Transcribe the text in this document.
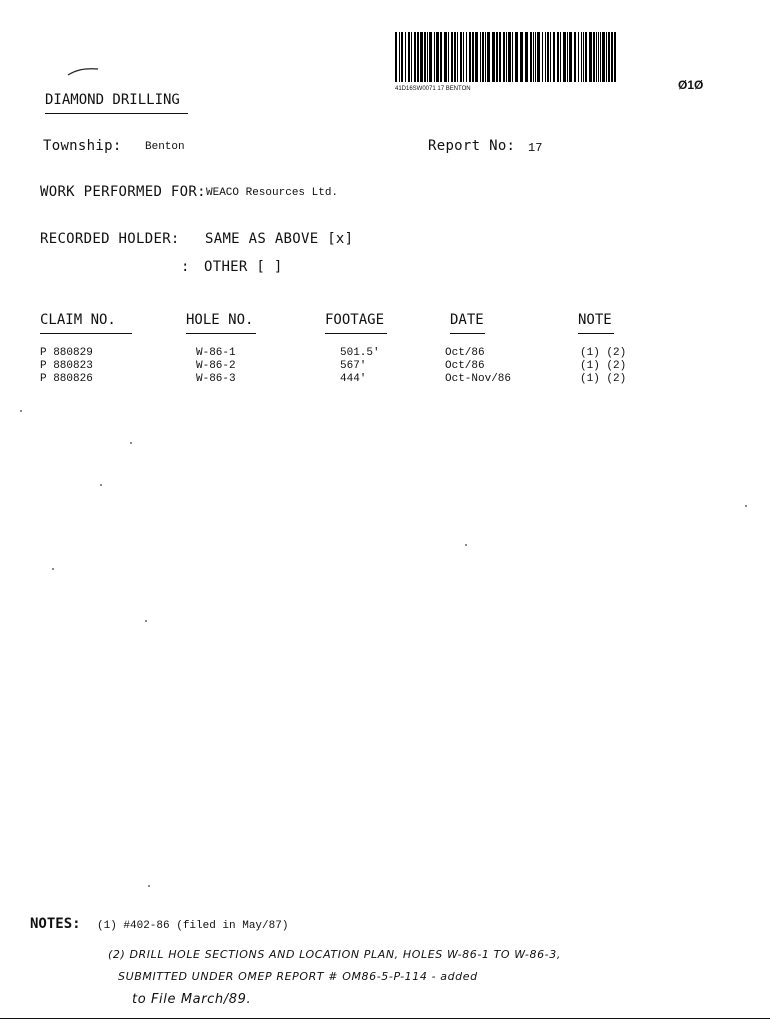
41D16SW0071 17 BENTON	Ø1Ø
DIAMOND DRILLING
Township: Benton	Report No: 17
WORK PERFORMED FOR: WEACO Resources Ltd.
RECORDED HOLDER: SAME AS ABOVE [x]
: OTHER [ ]
CLAIM NO.	HOLE NO.	FOOTAGE	DATE	NOTE
P 880829	W-86-1	501.5'	Oct/86	(1) (2)
P 880823	W-86-2	567'	Oct/86	(1) (2)
P 880826	W-86-3	444'	Oct-Nov/86	(1) (2)
NOTES: (1) #402-86 (filed in May/87)
(2) DRILL HOLE SECTIONS AND LOCATION PLAN, HOLES W-86-1 TO W-86-3,
SUBMITTED UNDER OMEP REPORT # OM86-5-P-114 - added
to File March/89.
